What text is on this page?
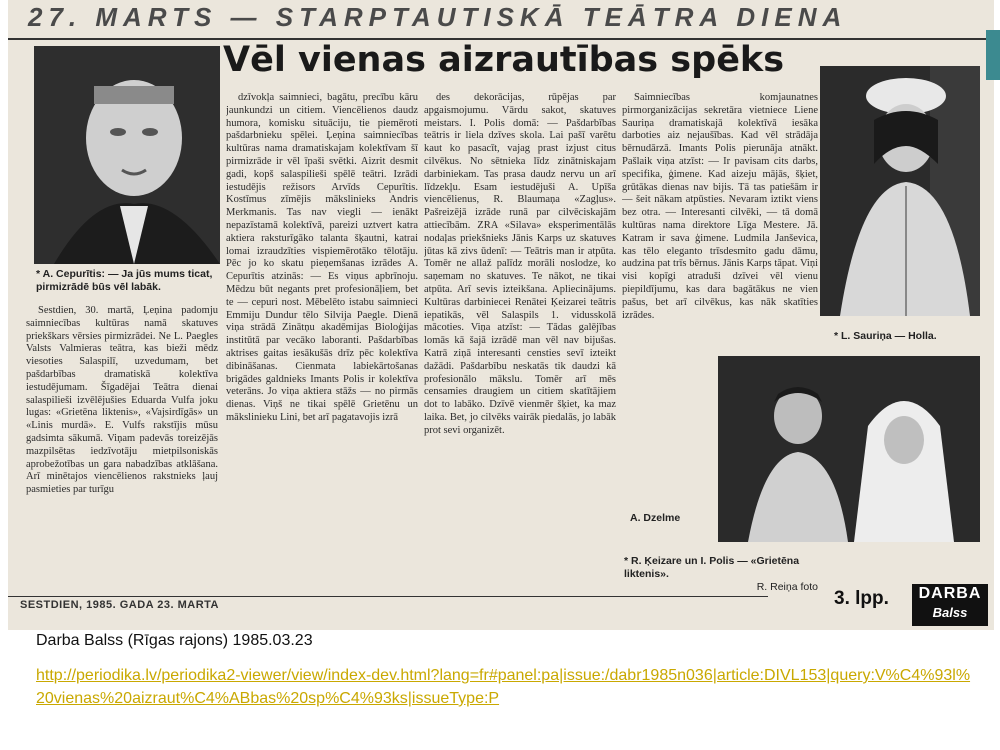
27. MARTS — STARPTAUTISKĀ TEĀTRA DIENA
Vēl vienas aizrautības spēks
* A. Cepurītis: — Ja jūs mums ticat, pirmizrādē būs vēl labāk.

Sestdien, 30. martā, Ļeņina padomju saimniecības kultūras namā skatuves priekškars vērsies pirmizrādei. Ne L. Paegles Valsts Valmieras teātra, kas bieži mēdz viesoties Salaspilī, uzvedumam, bet pašdarbības dramatiskā kolektīva iestudējumam. Šīgadējai Teātra dienai salaspilieši izvēlējušies Eduarda Vulfa joku lugas: «Grietēna liktenis», «Vajsirdīgās» un «Linis murdā». E. Vulfs rakstījis mūsu gadsimta sākumā. Viņam padevās toreizējās mazpilsētas iedzīvotāju mietpilsoniskās aprobežotības un gara nabadzības atklāšana. Arī minētajos viencēlienos rakstnieks ļauj pasmieties par turīgu

dzīvokļa saimnieci, bagātu, precību kāru jaunkundzi un citiem. Viencēlienos daudz humora, komisku situāciju, tie piemēroti pašdarbnieku spēlei. Ļeņina saimniecības kultūras nama dramatiskajam kolektīvam šī pirmizrāde ir vēl īpaši svētki. Aizrit desmit gadi, kopš salaspilieši spēlē teātri. Izrādi iestudējis režisors Arvīds Cepurītis. Kostīmus zīmējis mākslinieks Andris Merkmanis. Tas nav viegli — ienākt nepazīstamā kolektīvā, pareizi uztvert katra aktiera raksturīgāko talanta šķautni, katrai lomai izraudzīties vispiemērotāko tēlotāju. Pēc jo ko skatu pieņemšanas izrādes A. Cepurītis atzinās: — Es viņus apbrīnoju. Mēdzu būt negants pret profesionāļiem, bet te — cepuri nost. Mēbelēto istabu saimnieci Emmiju Dundur tēlo Silvija Paegle. Dienā viņa strādā Zinātņu akadēmijas Bioloģijas institūtā par vecāko laboranti. Pašdarbības aktrises gaitas iesākušās drīz pēc kolektīva dibināšanas. Cienmata labiekārtošanas brigādes galdnieks Imants Polis ir kolektīva veterāns. Jo viņa aktiera stāžs — no pirmās dienas. Viņš ne tikai spēlē Grietēnu un mākslinieku Lini, bet arī pagatavojis izrā

des dekorācijas, rūpējas par apgaismojumu. Vārdu sakot, skatuves meistars. I. Polis domā: — Pašdarbības teātris ir liela dzīves skola. Lai pašī varētu kaut ko pasacīt, vajag prast izjust citus cilvēkus. No sētnieka līdz zinātniskajam darbiniekam. Tas prasa daudz nervu un arī līdzekļu. Esam iestudējuši A. Upīša viencēlienus, R. Blaumaņa «Zagļus». Pašreizējā izrāde runā par cilvēciskajām attiecībām. ZRA «Silava» eksperimentālās nodaļas priekšnieks Jānis Karps uz skatuves jūtas kā zivs ūdenī: — Teātris man ir atpūta. Tomēr ne allaž palīdz morāli noslodze, ko saņemam no skatuves. Te nākot, ne tikai atpūta. Arī sevis izteikšana. Apliecinājums. Kultūras darbiniecei Renātei Ķeizarei teātris iepatikās, vēl Salaspils 1. vidusskolā mācoties. Viņa atzīst: — Tādas galējības lomās kā šajā izrādē man vēl nav bijušas. Katrā ziņā interesanti censties sevī izteikt dažādi. Pašdarbību neskatās tik daudzi kā profesionālo mākslu. Tomēr arī mēs censamies draugiem un citiem skatītājiem dot to labāko. Dzīvē vienmēr šķiet, ka maz laika. Bet, jo cilvēks vairāk piedalās, jo labāk prot sevi organizēt.

Saimniecības komjaunatnes pirmorganizācijas sekretāra vietniece Liene Sauriņa dramatiskajā kolektīvā iesāka darboties aiz nejaušības. Kad vēl strādāja bērnudārzā. Imants Polis pierunāja atnākt. Pašlaik viņa atzīst: — Ir pavisam cits darbs, specifika, ģimene. Kad aizeju mājās, šķiet, grūtākas dienas nav bijis. Tā tas patiešām ir — šeit nākam atpūsties. Nevaram iztikt viens bez otra. — Interesanti cilvēki, — tā domā kultūras nama direktore Līga Mestere. Jā. Katram ir sava ģimene. Ludmila Janševica, kas tēlo eleganto trīsdesmito gadu dāmu, audzina pat trīs bērnus. Jānis Karps tāpat. Viņi visi kopīgi atraduši dzīvei vēl vienu piepildījumu, kas dara bagātākus ne vien pašus, bet arī cilvēkus, kas nāk skatīties izrādes.

* L. Sauriņa — Holla.
A. Dzelme
* R. Ķeizare un I. Polis — «Grietēna liktenis».
R. Reiņa foto
SESTDIEN, 1985. GADA 23. MARTA	3. lpp.	DARBA
Balss
Darba Balss (Rīgas rajons) 1985.03.23
http://periodika.lv/periodika2-viewer/view/index-dev.html?lang=fr#panel:pa|issue:/dabr1985n036|article:DIVL153|query:V%C4%93l%20vienas%20aizraut%C4%ABbas%20sp%C4%93ks|issueType:P
